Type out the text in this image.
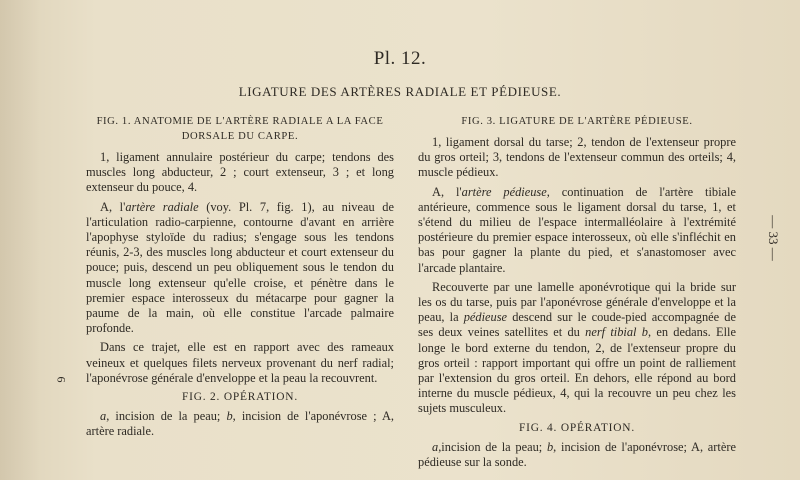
Pl. 12.
LIGATURE DES ARTÈRES RADIALE ET PÉDIEUSE.
FIG. 1. ANATOMIE DE L'ARTÈRE RADIALE A LA FACE DORSALE DU CARPE.

1, ligament annulaire postérieur du carpe; tendons des muscles long abducteur, 2 ; court extenseur, 3 ; et long extenseur du pouce, 4.

A, l'artère radiale (voy. Pl. 7, fig. 1), au niveau de l'articulation radio-carpienne, contourne d'avant en arrière l'apophyse styloïde du radius; s'engage sous les tendons réunis, 2-3, des muscles long abducteur et court extenseur du pouce; puis, descend un peu obliquement sous le tendon du muscle long extenseur qu'elle croise, et pénètre dans le premier espace interosseux du métacarpe pour gagner la paume de la main, où elle constitue l'arcade palmaire profonde.

Dans ce trajet, elle est en rapport avec des rameaux veineux et quelques filets nerveux provenant du nerf radial; l'aponévrose générale d'enveloppe et la peau la recouvrent.

FIG. 2. OPÉRATION.

a, incision de la peau; b, incision de l'aponévrose ; A, artère radiale.

FIG. 3. LIGATURE DE L'ARTÈRE PÉDIEUSE.

1, ligament dorsal du tarse; 2, tendon de l'extenseur propre du gros orteil; 3, tendons de l'extenseur commun des orteils; 4, muscle pédieux.

A, l'artère pédieuse, continuation de l'artère tibiale antérieure, commence sous le ligament dorsal du tarse, 1, et s'étend du milieu de l'espace intermalléolaire à l'extrémité postérieure du premier espace interosseux, où elle s'infléchit en bas pour gagner la plante du pied, et s'anastomoser avec l'arcade plantaire.

Recouverte par une lamelle aponévrotique qui la bride sur les os du tarse, puis par l'aponévrose générale d'enveloppe et la peau, la pédieuse descend sur le coude-pied accompagnée de ses deux veines satellites et du nerf tibial b, en dedans. Elle longe le bord externe du tendon, 2, de l'extenseur propre du gros orteil : rapport important qui offre un point de ralliement par l'extension du gros orteil. En dehors, elle répond au bord interne du muscle pédieux, 4, qui la recouvre un peu chez les sujets musculeux.

FIG. 4. OPÉRATION.

a,incision de la peau; b, incision de l'aponévrose; A, artère pédieuse sur la sonde.

— 33 —
6
